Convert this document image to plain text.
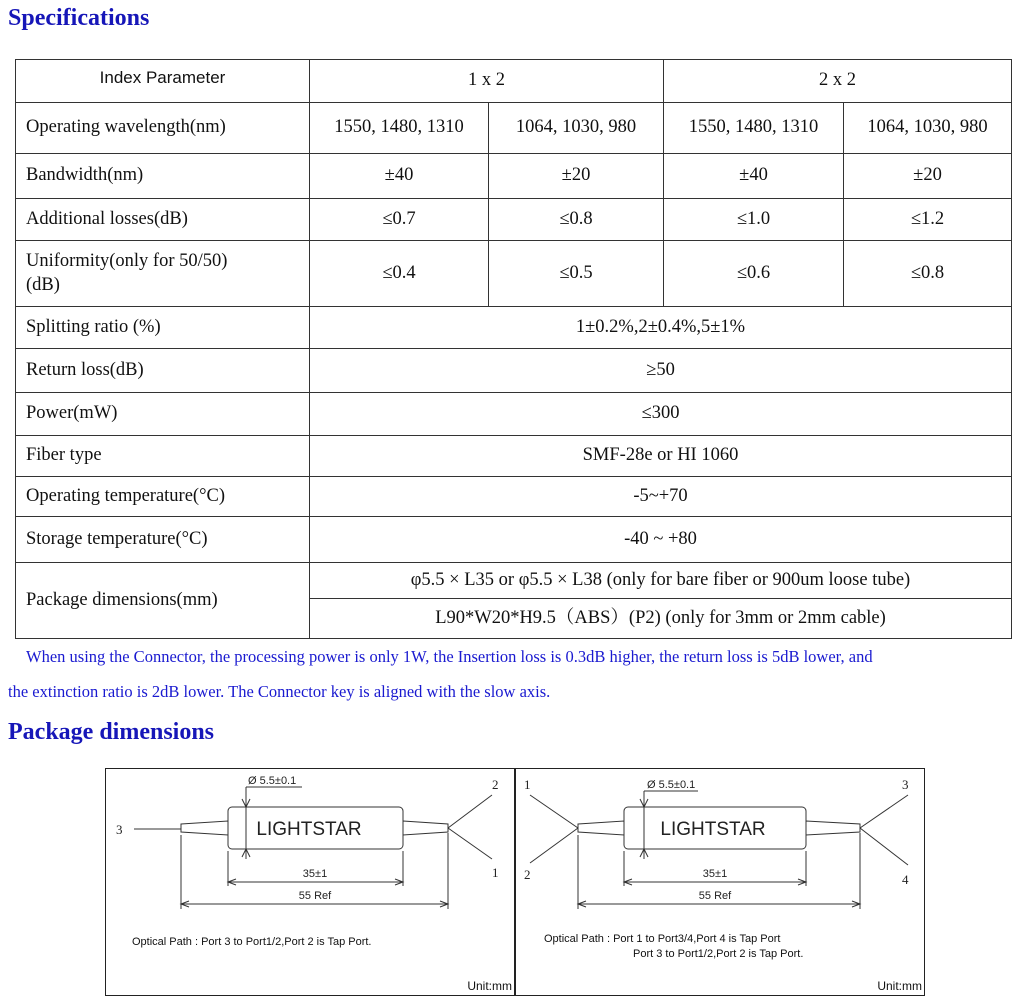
Specifications
Index Parameter	1 x 2		2 x 2	
Operating wavelength(nm)	1550, 1480, 1310	1064, 1030, 980	1550, 1480, 1310	1064, 1030, 980
Bandwidth(nm)	±40	±20	±40	±20
Additional losses(dB)	≤0.7	≤0.8	≤1.0	≤1.2
Uniformity(only for 50/50)
(dB)	≤0.4	≤0.5	≤0.6	≤0.8
Splitting ratio (%)	1±0.2%,2±0.4%,5±1%			
Return loss(dB)	≥50			
Power(mW)	≤300			
Fiber type	SMF-28e or HI 1060			
Operating temperature(°C)	-5~+70			
Storage temperature(°C)	-40 ~ +80			
Package dimensions(mm)	φ5.5 × L35 or φ5.5 × L38 (only for bare fiber or 900um loose tube)			
	L90*W20*H9.5（ABS）(P2) (only for 3mm or 2mm cable)			

When using the Connector, the processing power is only 1W, the Insertion loss is 0.3dB higher, the return loss is 5dB lower, and

the extinction ratio is 2dB lower. The Connector key is aligned with the slow axis.

Package dimensions
Ø 5.5±0.1
35±1
55 Ref
LIGHTSTAR
3
2
1

Optical Path : Port 3 to Port1/2,Port 2 is Tap Port.

Unit:mm
Ø 5.5±0.1
35±1
55 Ref
LIGHTSTAR
1
2
3
4

Optical Path : Port 1 to Port3/4,Port 4 is Tap Port
Port 3 to Port1/2,Port 2 is Tap Port.

Unit:mm
